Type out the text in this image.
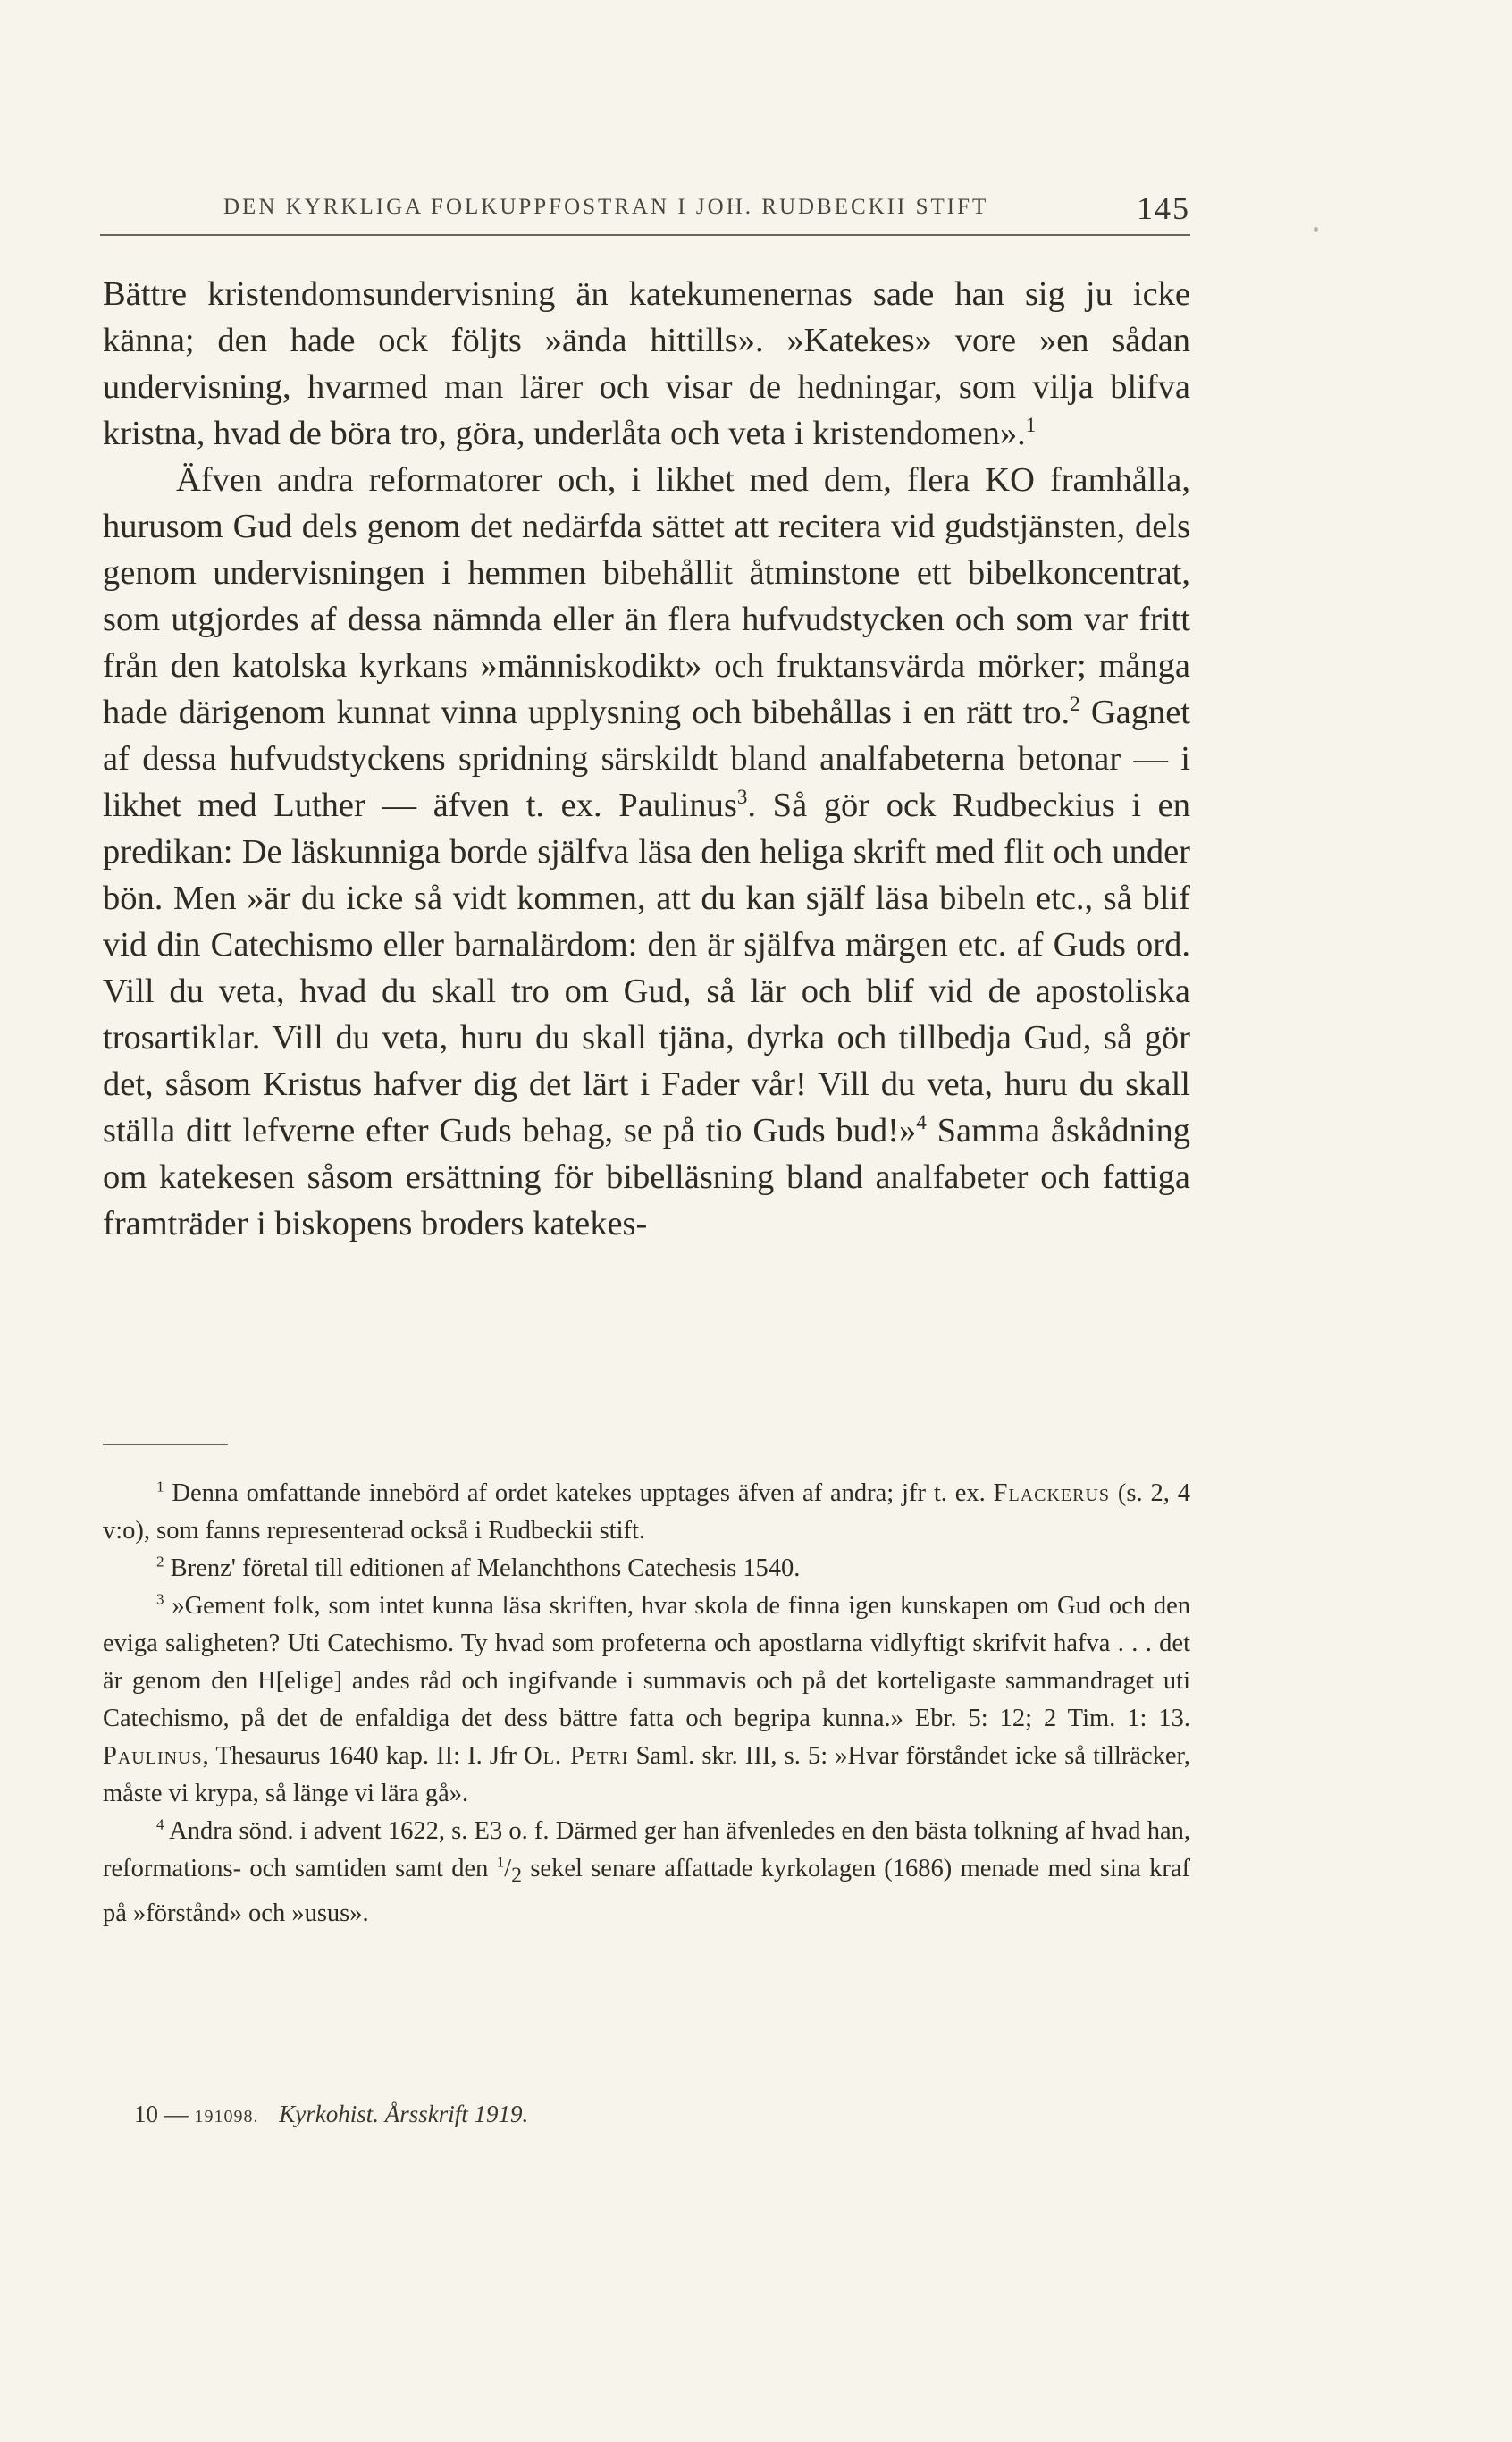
DEN KYRKLIGA FOLKUPPFOSTRAN I JOH. RUDBECKII STIFT	145

Bättre kristendomsundervisning än katekumenernas sade han sig ju icke känna; den hade ock följts »ända hittills». »Katekes» vore »en sådan undervisning, hvarmed man lärer och visar de hedningar, som vilja blifva kristna, hvad de böra tro, göra, underlåta och veta i kristendomen».$^1$

Äfven andra reformatorer och, i likhet med dem, flera KO framhålla, hurusom Gud dels genom det nedärfda sättet att recitera vid gudstjänsten, dels genom undervisningen i hemmen bibehållit åtminstone ett bibelkoncentrat, som utgjordes af dessa nämnda eller än flera hufvudstycken och som var fritt från den katolska kyrkans »människodikt» och fruktansvärda mörker; många hade därigenom kunnat vinna upplysning och bibehållas i en rätt tro.$^2$ Gagnet af dessa hufvudstyckens spridning särskildt bland analfabeterna betonar — i likhet med Luther — äfven t. ex. Paulinus$^3$. Så gör ock Rudbeckius i en predikan: De läskunniga borde själfva läsa den heliga skrift med flit och under bön. Men »är du icke så vidt kommen, att du kan själf läsa bibeln etc., så blif vid din Catechismo eller barnalärdom: den är själfva märgen etc. af Guds ord. Vill du veta, hvad du skall tro om Gud, så lär och blif vid de apostoliska trosartiklar. Vill du veta, huru du skall tjäna, dyrka och tillbedja Gud, så gör det, såsom Kristus hafver dig det lärt i Fader vår! Vill du veta, huru du skall ställa ditt lefverne efter Guds behag, se på tio Guds bud!»$^4$ Samma åskådning om katekesen såsom ersättning för bibelläsning bland analfabeter och fattiga framträder i biskopens broders katekes-

$^1$ Denna omfattande innebörd af ordet katekes upptages äfven af andra; jfr t. ex. Flackerus (s. 2, 4 v:o), som fanns representerad också i Rudbeckii stift.

$^2$ Brenz' företal till editionen af Melanchthons Catechesis 1540.

$^3$ »Gement folk, som intet kunna läsa skriften, hvar skola de finna igen kunskapen om Gud och den eviga saligheten? Uti Catechismo. Ty hvad som profeterna och apostlarna vidlyftigt skrifvit hafva . . . det är genom den H[elige] andes råd och ingifvande i summavis och på det korteligaste sammandraget uti Catechismo, på det de enfaldiga det dess bättre fatta och begripa kunna.» Ebr. 5: 12; 2 Tim. 1: 13. Paulinus, Thesaurus 1640 kap. II: I. Jfr Ol. Petri Saml. skr. III, s. 5: »Hvar förståndet icke så tillräcker, måste vi krypa, så länge vi lära gå».

$^4$ Andra sönd. i advent 1622, s. E3 o. f. Därmed ger han äfvenledes en den bästa tolkning af hvad han, reformations- och samtiden samt den $^1/_2$ sekel senare affattade kyrkolagen (1686) menade med sina kraf på »förstånd» och »usus».

10 — 191098. Kyrkohist. Årsskrift 1919.
